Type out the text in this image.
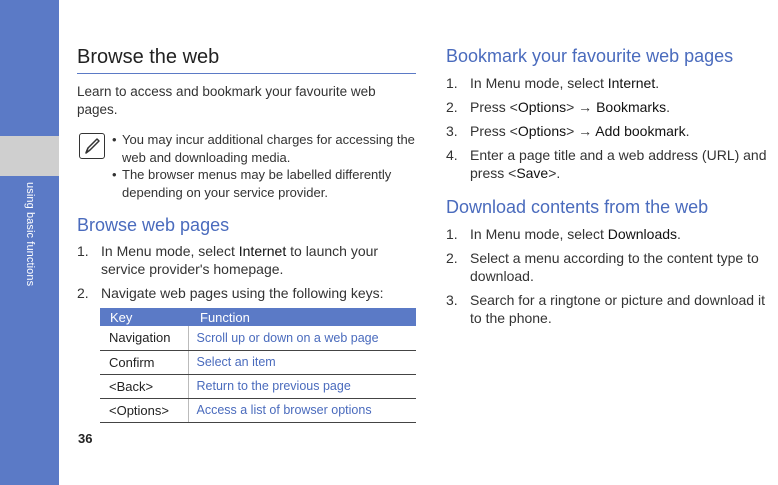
using basic functions
36
Browse the web
Learn to access and bookmark your favourite web pages.
• You may incur additional charges for accessing the web and downloading media.
• The browser menus may be labelled differently depending on your service provider.
Browse web pages
1. In Menu mode, select Internet to launch your service provider's homepage.
2. Navigate web pages using the following keys:
Key	Function
Navigation	Scroll up or down on a web page
Confirm	Select an item
<Back>	Return to the previous page
<Options>	Access a list of browser options
Bookmark your favourite web pages
1. In Menu mode, select Internet.
2. Press <Options> → Bookmarks.
3. Press <Options> → Add bookmark.
4. Enter a page title and a web address (URL) and press <Save>.
Download contents from the web
1. In Menu mode, select Downloads.
2. Select a menu according to the content type to download.
3. Search for a ringtone or picture and download it to the phone.
